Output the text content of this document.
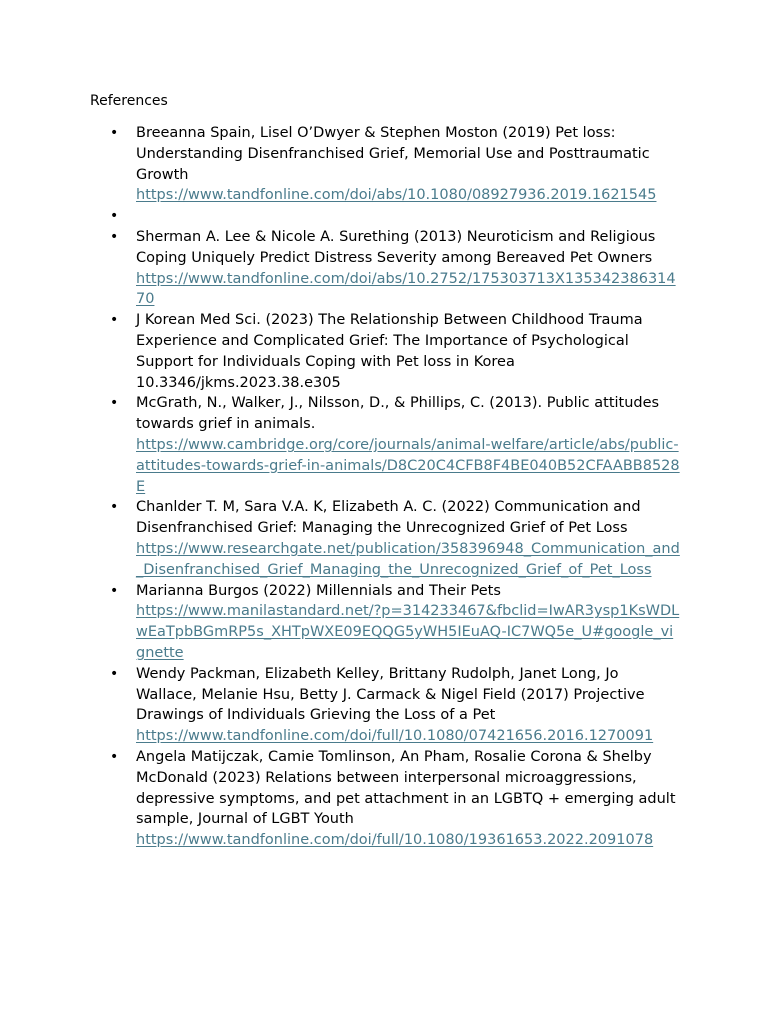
References
• Breeanna Spain, Lisel O’Dwyer & Stephen Moston (2019) Pet loss: Understanding Disenfranchised Grief, Memorial Use and Posttraumatic Growth
https://www.tandfonline.com/doi/abs/10.1080/08927936.2019.1621545
•
• Sherman A. Lee & Nicole A. Surething (2013) Neuroticism and Religious Coping Uniquely Predict Distress Severity among Bereaved Pet Owners
https://www.tandfonline.com/doi/abs/10.2752/175303713X13534238631470
• J Korean Med Sci. (2023) The Relationship Between Childhood Trauma Experience and Complicated Grief: The Importance of Psychological Support for Individuals Coping with Pet loss in Korea 10.3346/jkms.2023.38.e305
• McGrath, N., Walker, J., Nilsson, D., & Phillips, C. (2013). Public attitudes towards grief in animals.
https://www.cambridge.org/core/journals/animal-welfare/article/abs/public-attitudes-towards-grief-in-animals/D8C20C4CFB8F4BE040B52CFAABB8528E
• Chanlder T. M, Sara V.A. K, Elizabeth A. C. (2022) Communication and Disenfranchised Grief: Managing the Unrecognized Grief of Pet Loss
https://www.researchgate.net/publication/358396948_Communication_and_Disenfranchised_Grief_Managing_the_Unrecognized_Grief_of_Pet_Loss
• Marianna Burgos (2022) Millennials and Their Pets
https://www.manilastandard.net/?p=314233467&fbclid=IwAR3ysp1KsWDLwEaTpbBGmRP5s_XHTpWXE09EQQG5yWH5IEuAQ-IC7WQ5e_U#google_vignette
• Wendy Packman, Elizabeth Kelley, Brittany Rudolph, Janet Long, Jo Wallace, Melanie Hsu, Betty J. Carmack & Nigel Field (2017) Projective Drawings of Individuals Grieving the Loss of a Pet
https://www.tandfonline.com/doi/full/10.1080/07421656.2016.1270091
• Angela Matijczak, Camie Tomlinson, An Pham, Rosalie Corona & Shelby McDonald (2023) Relations between interpersonal microaggressions, depressive symptoms, and pet attachment in an LGBTQ + emerging adult sample, Journal of LGBT Youth
https://www.tandfonline.com/doi/full/10.1080/19361653.2022.2091078
